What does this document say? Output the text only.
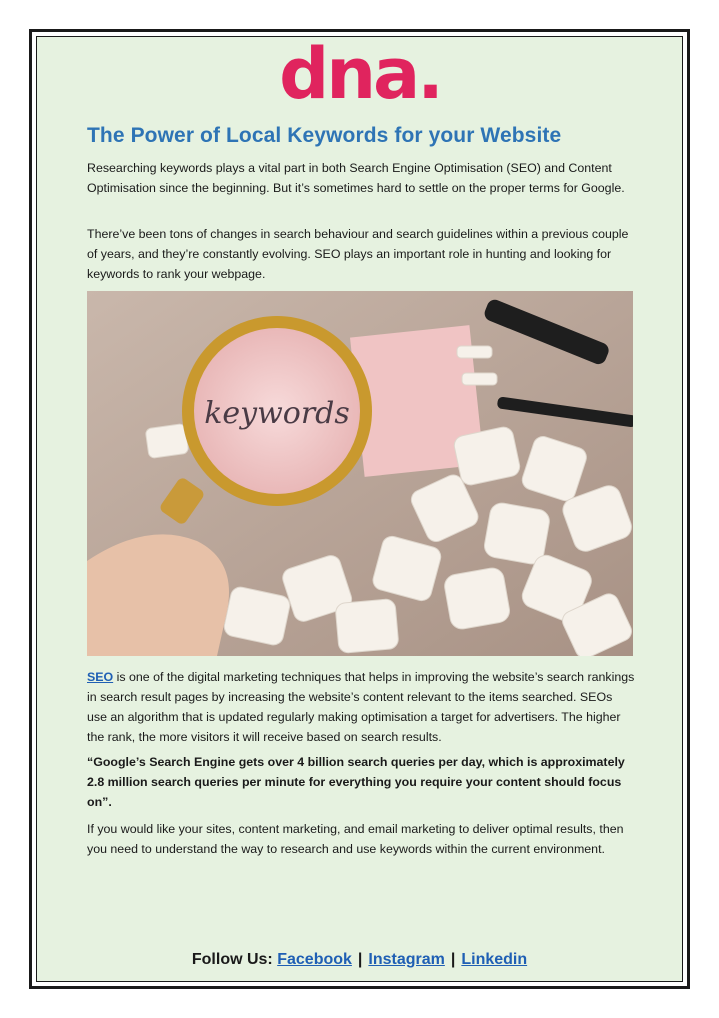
dna.
The Power of Local Keywords for your Website

Researching keywords plays a vital part in both Search Engine Optimisation (SEO) and Content Optimisation since the beginning. But it’s sometimes hard to settle on the proper terms for Google.

There’ve been tons of changes in search behaviour and search guidelines within a previous couple of years, and they’re constantly evolving. SEO plays an important role in hunting and looking for keywords to rank your webpage.

keywords

SEO is one of the digital marketing techniques that helps in improving the website’s search rankings in search result pages by increasing the website’s content relevant to the items searched. SEOs use an algorithm that is updated regularly making optimisation a target for advertisers. The higher the rank, the more visitors it will receive based on search results.

“Google’s Search Engine gets over 4 billion search queries per day, which is approximately 2.8 million search queries per minute for everything you require your content should focus on”.

If you would like your sites, content marketing, and email marketing to deliver optimal results, then you need to understand the way to research and use keywords within the current environment.

Follow Us: Facebook | Instagram | Linkedin
